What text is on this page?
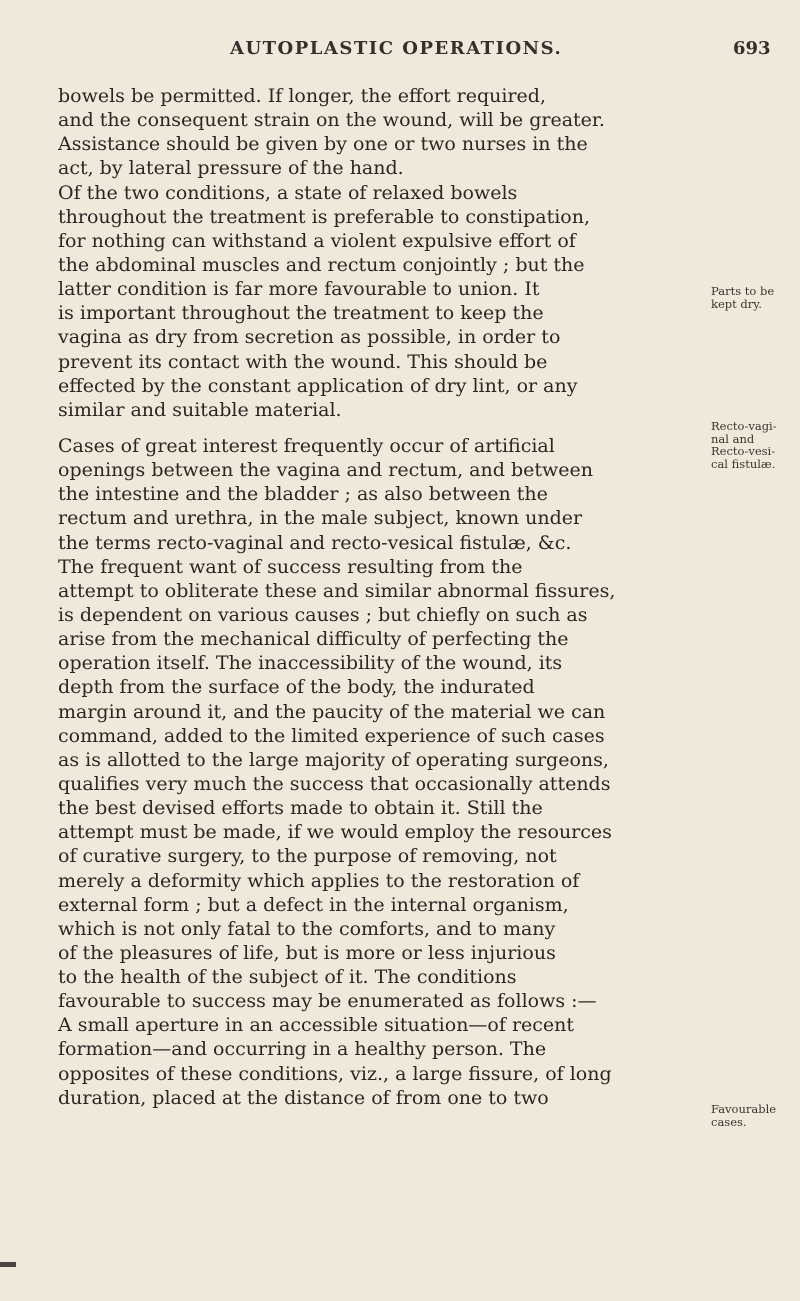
AUTOPLASTIC OPERATIONS.	693
bowels be permitted. If longer, the effort required,
and the consequent strain on the wound, will be greater.
Assistance should be given by one or two nurses in the
act, by lateral pressure of the hand.
Of the two conditions, a state of relaxed bowels
throughout the treatment is preferable to constipation,
for nothing can withstand a violent expulsive effort of
the abdominal muscles and rectum conjointly ; but the
latter condition is far more favourable to union. It
is important throughout the treatment to keep the
vagina as dry from secretion as possible, in order to
prevent its contact with the wound. This should be
effected by the constant application of dry lint, or any
similar and suitable material.
Cases of great interest frequently occur of artificial
openings between the vagina and rectum, and between
the intestine and the bladder ; as also between the
rectum and urethra, in the male subject, known under
the terms recto-vaginal and recto-vesical fistulæ, &c.
The frequent want of success resulting from the
attempt to obliterate these and similar abnormal fissures,
is dependent on various causes ; but chiefly on such as
arise from the mechanical difficulty of perfecting the
operation itself. The inaccessibility of the wound, its
depth from the surface of the body, the indurated
margin around it, and the paucity of the material we can
command, added to the limited experience of such cases
as is allotted to the large majority of operating surgeons,
qualifies very much the success that occasionally attends
the best devised efforts made to obtain it. Still the
attempt must be made, if we would employ the resources
of curative surgery, to the purpose of removing, not
merely a deformity which applies to the restoration of
external form ; but a defect in the internal organism,
which is not only fatal to the comforts, and to many
of the pleasures of life, but is more or less injurious
to the health of the subject of it. The conditions
favourable to success may be enumerated as follows :—
A small aperture in an accessible situation—of recent
formation—and occurring in a healthy person. The
opposites of these conditions, viz., a large fissure, of long
duration, placed at the distance of from one to two
Parts to be
kept dry.
Recto-vagi-
nal and
Recto-vesi-
cal fistulæ.
Favourable
cases.
